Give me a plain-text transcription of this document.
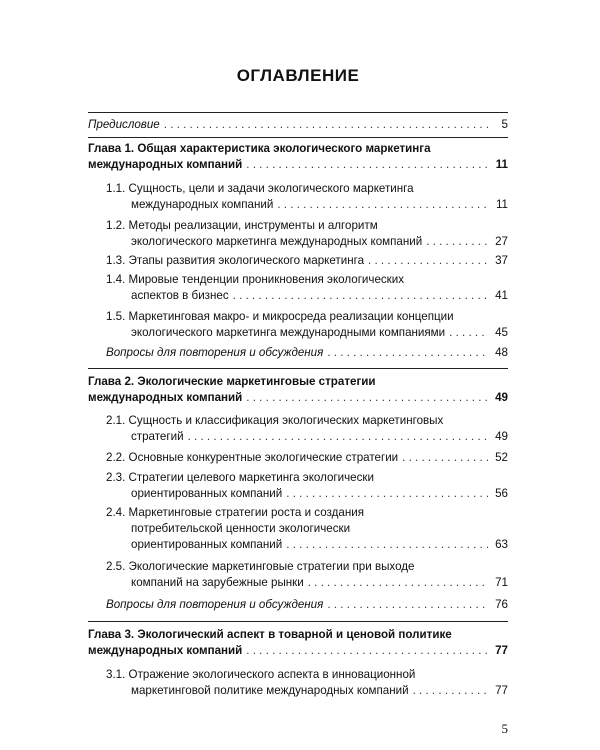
ОГЛАВЛЕНИЕ
Предисловие . . .	5
Глава 1. Общая характеристика экологического маркетинга
международных компаний . . .	11
1.1. Сущность, цели и задачи экологического маркетинга
международных компаний . . .	11
1.2. Методы реализации, инструменты и алгоритм
экологического маркетинга международных компаний . . .	27
1.3. Этапы развития экологического маркетинга . . .	37
1.4. Мировые тенденции проникновения экологических
аспектов в бизнес . . .	41
1.5. Маркетинговая макро- и микросреда реализации концепции
экологического маркетинга международными компаниями . . .	45
Вопросы для повторения и обсуждения . . .	48
Глава 2. Экологические маркетинговые стратегии
международных компаний . . .	49
2.1. Сущность и классификация экологических маркетинговых
стратегий . . .	49
2.2. Основные конкурентные экологические стратегии . . .	52
2.3. Стратегии целевого маркетинга экологически
ориентированных компаний . . .	56
2.4. Маркетинговые стратегии роста и создания
потребительской ценности экологически
ориентированных компаний . . .	63
2.5. Экологические маркетинговые стратегии при выходе
компаний на зарубежные рынки . . .	71
Вопросы для повторения и обсуждения . . .	76
Глава 3. Экологический аспект в товарной и ценовой политике
международных компаний . . .	77
3.1. Отражение экологического аспекта в инновационной
маркетинговой политике международных компаний . . .	77
5
